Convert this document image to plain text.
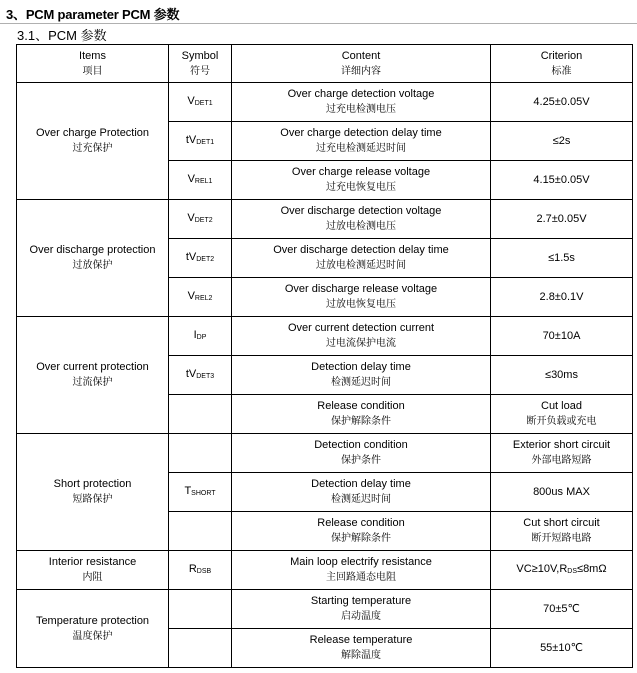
3、PCM parameter PCM 参数
3.1、PCM 参数
Items
项目	Symbol
符号	Content
详细内容	Criterion
标准

Over charge Protection
过充保护	VDET1	Over charge detection voltage
过充电检测电压	4.25±0.05V

	tVDET1	Over charge detection delay time
过充电检测延迟时间	≤2s

	VREL1	Over charge release voltage
过充电恢复电压	4.15±0.05V

Over discharge protection
过放保护	VDET2	Over discharge detection voltage
过放电检测电压	2.7±0.05V

	tVDET2	Over discharge detection delay time
过放电检测延迟时间	≤1.5s

	VREL2	Over discharge release voltage
过放电恢复电压	2.8±0.1V

Over current protection
过流保护	IDP	Over current detection current
过电流保护电流	70±10A

	tVDET3	Detection delay time
检测延迟时间	≤30ms

		Release condition
保护解除条件	Cut load
断开负载或充电

Short protection
短路保护		Detection condition
保护条件	Exterior short circuit
外部电路短路

	TSHORT	Detection delay time
检测延迟时间	800us MAX

		Release condition
保护解除条件	Cut short circuit
断开短路电路

Interior resistance
内阻	RDSB	Main loop electrify resistance
主回路通态电阻	VC≥10V,RDS≤8mΩ

Temperature protection
温度保护		Starting temperature
启动温度	70±5℃

		Release temperature
解除温度	55±10℃
